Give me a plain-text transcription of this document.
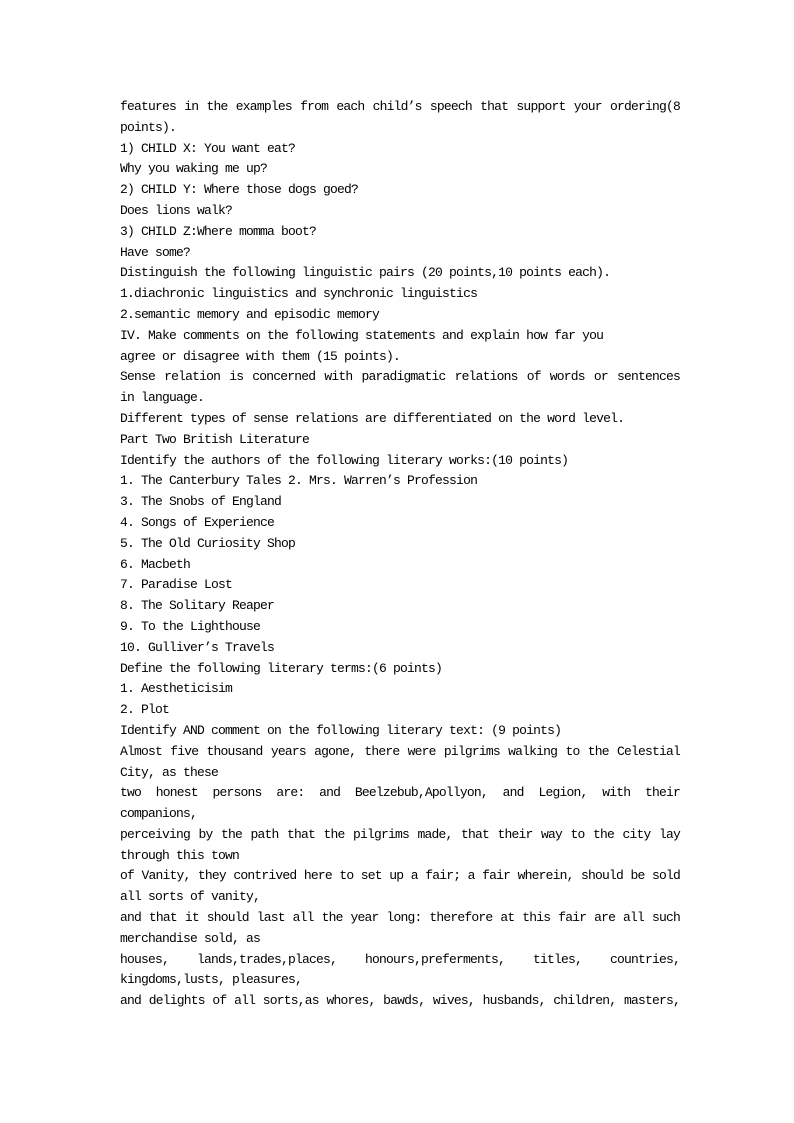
features in the examples from each child’s speech that support your ordering(8
points).
1) CHILD X: You want eat?
Why you waking me up?
2) CHILD Y: Where those dogs goed?
Does lions walk?
3) CHILD Z:Where momma boot?
Have some?
Distinguish the following linguistic pairs (20 points,10 points each).
1.diachronic linguistics and synchronic linguistics
2.semantic memory and episodic memory
IV. Make comments on the following statements and explain how far you
agree or disagree with them (15 points).
Sense relation is concerned with paradigmatic relations of words or sentences
in language.
Different types of sense relations are differentiated on the word level.
Part Two British Literature
Identify the authors of the following literary works:(10 points)
1. The Canterbury Tales 2. Mrs. Warren’s Profession
3. The Snobs of England
4. Songs of Experience
5. The Old Curiosity Shop
6. Macbeth
7. Paradise Lost
8. The Solitary Reaper
9. To the Lighthouse
10. Gulliver’s Travels
Define the following literary terms:(6 points)
1. Aestheticisim
2. Plot
Identify AND comment on the following literary text: (9 points)
Almost five thousand years agone, there were pilgrims walking to the Celestial
City, as these
two honest persons are: and Beelzebub,Apollyon, and Legion, with their
companions,
perceiving by the path that the pilgrims made, that their way to the city lay
through this town
of Vanity, they contrived here to set up a fair; a fair wherein, should be sold
all sorts of vanity,
and that it should last all the year long: therefore at this fair are all such
merchandise sold, as
houses, lands,trades,places, honours,preferments, titles, countries,
kingdoms,lusts, pleasures,
and delights of all sorts,as whores, bawds, wives, husbands, children, masters,
